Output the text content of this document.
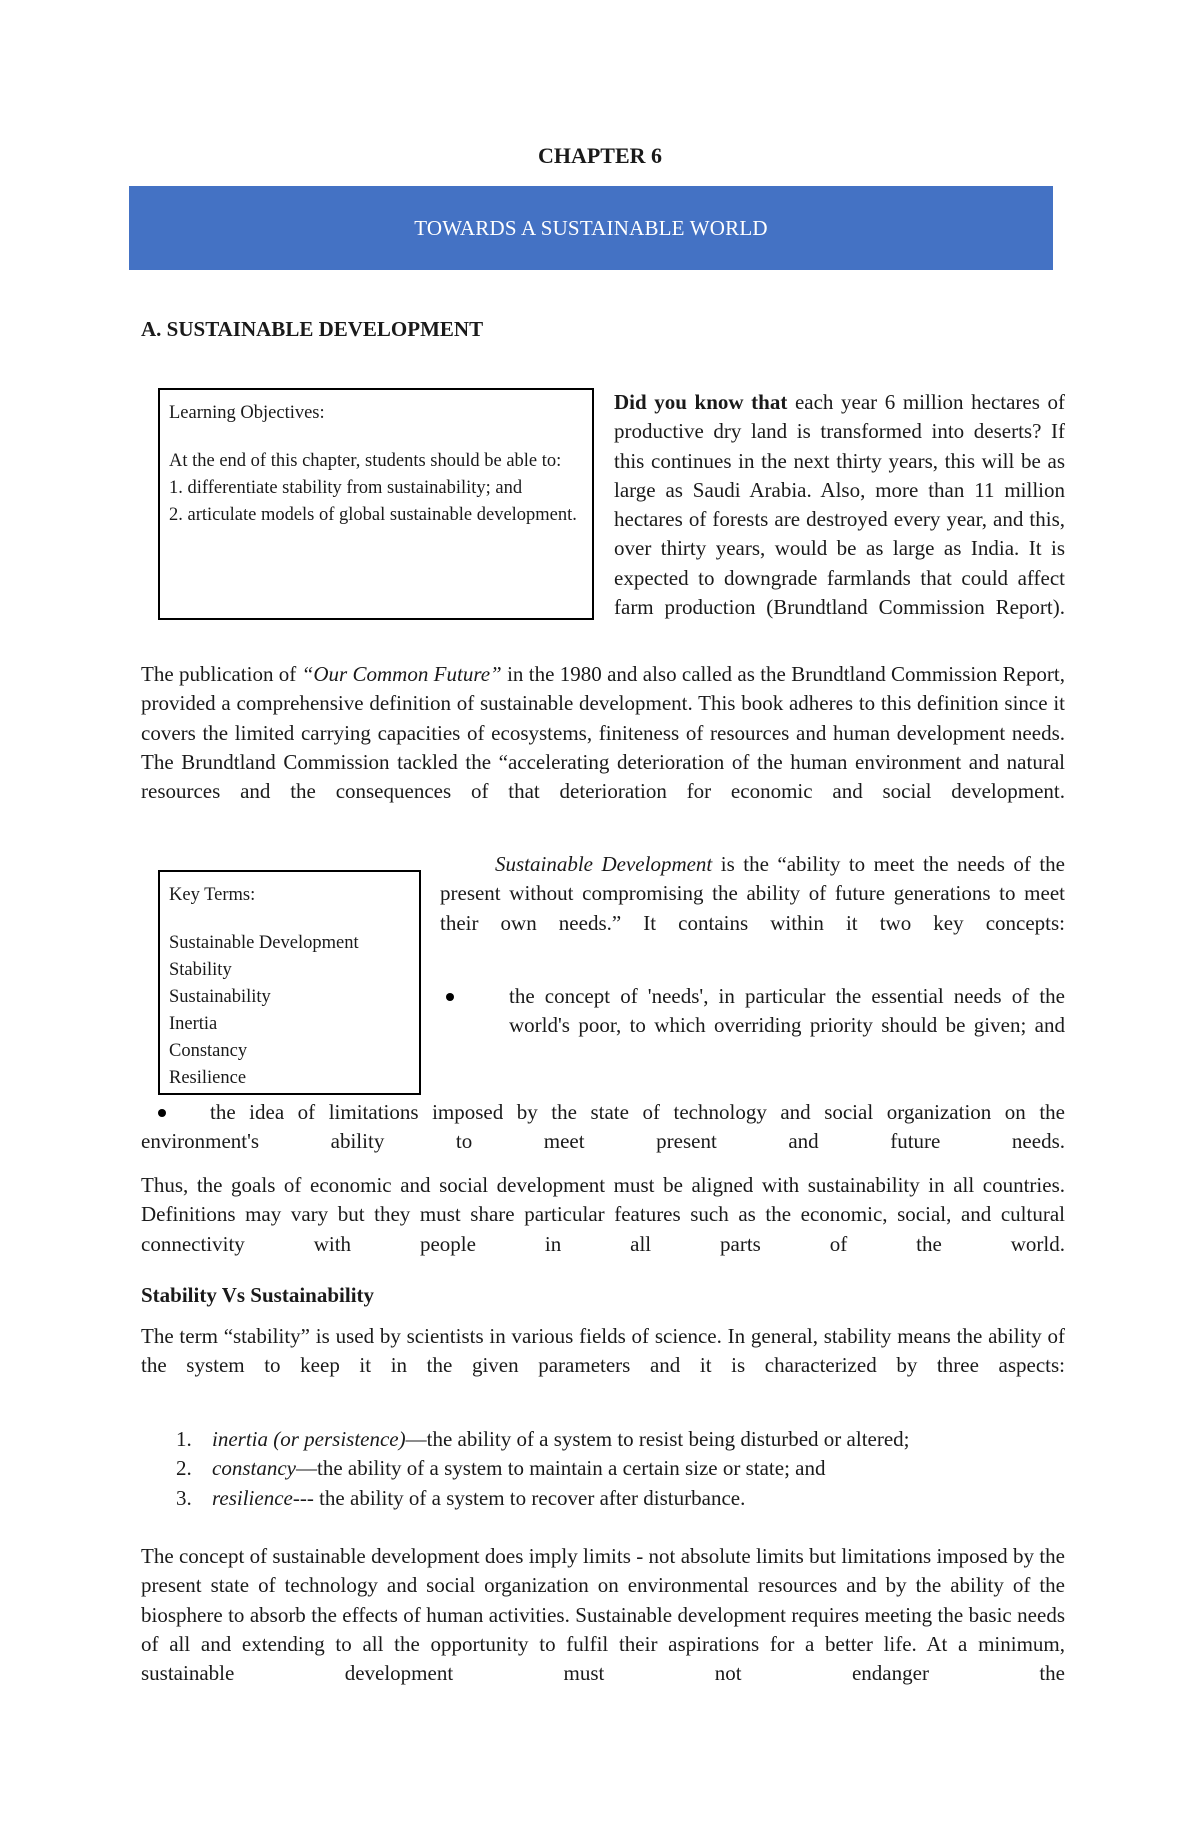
CHAPTER 6
TOWARDS A SUSTAINABLE WORLD
A. SUSTAINABLE DEVELOPMENT

Learning Objectives:

At the end of this chapter, students should be able to:

1. differentiate stability from sustainability; and

2. articulate models of global sustainable development.

Did you know that each year 6 million hectares of productive dry land is transformed into deserts? If this continues in the next thirty years, this will be as large as Saudi Arabia. Also, more than 11 million hectares of forests are destroyed every year, and this, over thirty years, would be as large as India. It is expected to downgrade farmlands that could affect farm production (Brundtland Commission Report).

The publication of “Our Common Future” in the 1980 and also called as the Brundtland Commission Report, provided a comprehensive definition of sustainable development. This book adheres to this definition since it covers the limited carrying capacities of ecosystems, finiteness of resources and human development needs. The Brundtland Commission tackled the “accelerating deterioration of the human environment and natural resources and the consequences of that deterioration for economic and social development.

Key Terms:

Sustainable Development

Stability

Sustainability

Inertia

Constancy

Resilience

Sustainable Development is the “ability to meet the needs of the present without compromising the ability of future generations to meet their own needs.” It contains within it two key concepts:

the concept of 'needs', in particular the essential needs of the world's poor, to which overriding priority should be given; and

the idea of limitations imposed by the state of technology and social organization on the environment's ability to meet present and future needs.

Thus, the goals of economic and social development must be aligned with sustainability in all countries. Definitions may vary but they must share particular features such as the economic, social, and cultural connectivity with people in all parts of the world.

Stability Vs Sustainability

The term “stability” is used by scientists in various fields of science. In general, stability means the ability of the system to keep it in the given parameters and it is characterized by three aspects:

1. inertia (or persistence)—the ability of a system to resist being disturbed or altered;
2. constancy—the ability of a system to maintain a certain size or state; and
3. resilience--- the ability of a system to recover after disturbance.

The concept of sustainable development does imply limits - not absolute limits but limitations imposed by the present state of technology and social organization on environmental resources and by the ability of the biosphere to absorb the effects of human activities. Sustainable development requires meeting the basic needs of all and extending to all the opportunity to fulfil their aspirations for a better life. At a minimum, sustainable development must not endanger the
